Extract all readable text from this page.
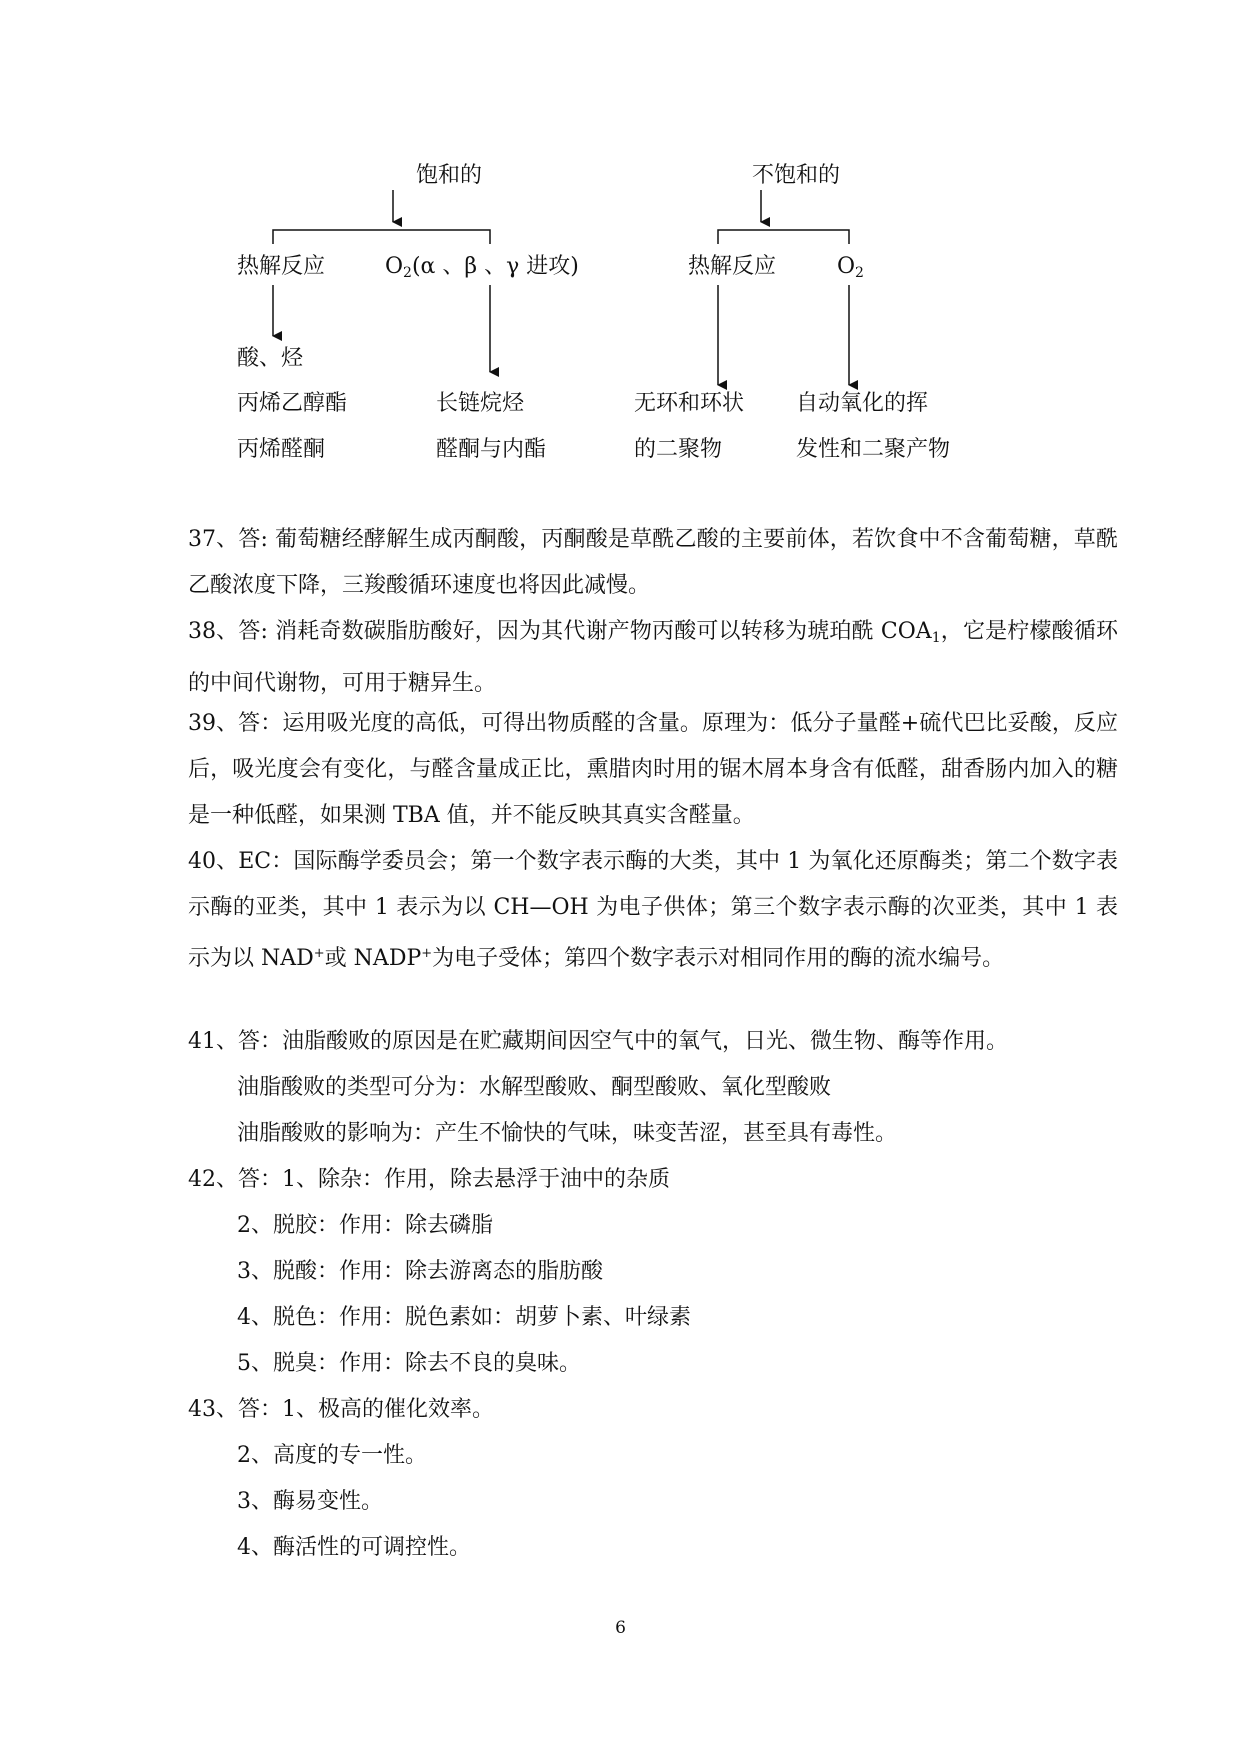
饱和的	不饱和的
热解反应	$O_2(\alpha$ 、β 、γ 进攻)	热解反应	$O_2$
酸、烃
丙烯乙醇酯
丙烯醛酮
长链烷烃
醛酮与内酯
无环和环状
的二聚物
自动氧化的挥
发性和二聚产物
37、答: 葡萄糖经酵解生成丙酮酸，丙酮酸是草酰乙酸的主要前体，若饮食中不含葡萄糖，草酰乙酸浓度下降，三羧酸循环速度也将因此减慢。
38、答: 消耗奇数碳脂肪酸好，因为其代谢产物丙酸可以转移为琥珀酰 $COA_1$，它是柠檬酸循环的中间代谢物，可用于糖异生。
39、答：运用吸光度的高低，可得出物质醛的含量。原理为：低分子量醛+硫代巴比妥酸，反应后，吸光度会有变化，与醛含量成正比，熏腊肉时用的锯木屑本身含有低醛，甜香肠内加入的糖是一种低醛，如果测 TBA 值，并不能反映其真实含醛量。
40、EC：国际酶学委员会；第一个数字表示酶的大类，其中 1 为氧化还原酶类；第二个数字表示酶的亚类，其中 1 表示为以 CH—OH 为电子供体；第三个数字表示酶的次亚类，其中 1 表示为以 NAD+或 NADP+为电子受体；第四个数字表示对相同作用的酶的流水编号。
41、答：油脂酸败的原因是在贮藏期间因空气中的氧气，日光、微生物、酶等作用。
油脂酸败的类型可分为：水解型酸败、酮型酸败、氧化型酸败
油脂酸败的影响为：产生不愉快的气味，味变苦涩，甚至具有毒性。
42、答：1、除杂：作用，除去悬浮于油中的杂质
2、脱胶：作用：除去磷脂
3、脱酸：作用：除去游离态的脂肪酸
4、脱色：作用：脱色素如：胡萝卜素、叶绿素
5、脱臭：作用：除去不良的臭味。
43、答：1、极高的催化效率。
2、高度的专一性。
3、酶易变性。
4、酶活性的可调控性。
6
